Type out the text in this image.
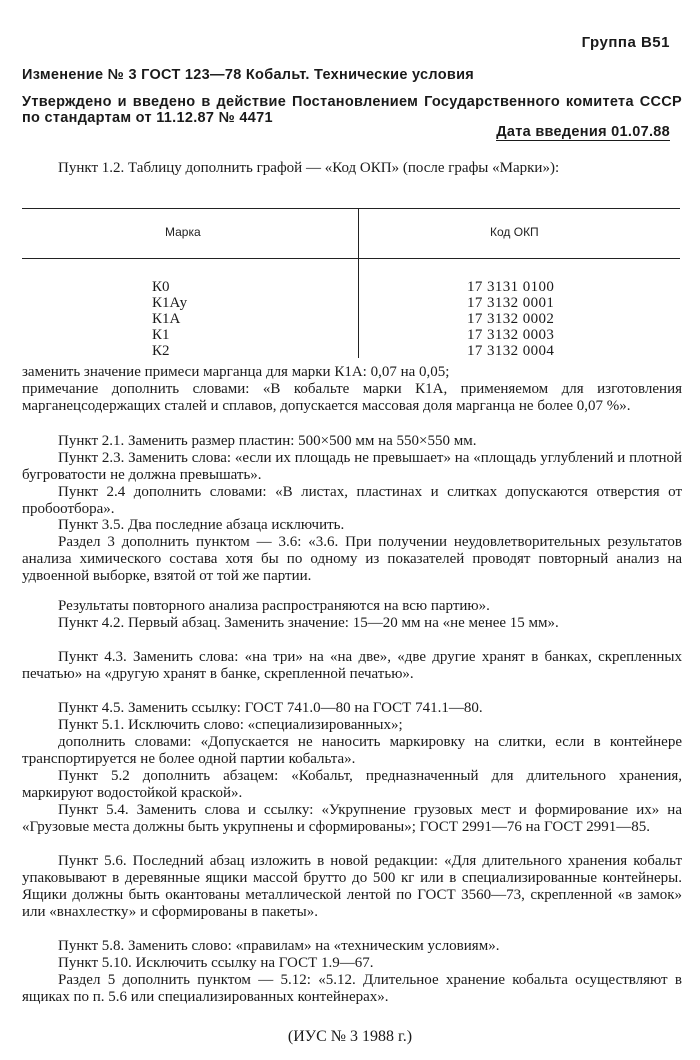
Группа В51
Изменение № 3 ГОСТ 123—78 Кобальт. Технические условия
Утверждено и введено в действие Постановлением Государственного комитета СССР по стандартам от 11.12.87 № 4471
Дата введения 01.07.88

Пункт 1.2. Таблицу дополнить графой — «Код ОКП» (после графы «Марки»):

Марка	Код ОКП
К0	17 3131 0100
К1Ау	17 3132 0001
К1А	17 3132 0002
К1	17 3132 0003
К2	17 3132 0004

заменить значение примеси марганца для марки К1А: 0,07 на 0,05;

примечание дополнить словами: «В кобальте марки К1А, применяемом для изготовления марганецсодержащих сталей и сплавов, допускается массовая доля марганца не более 0,07 %».

Пункт 2.1. Заменить размер пластин: 500×500 мм на 550×550 мм.

Пункт 2.3. Заменить слова: «если их площадь не превышает» на «площадь углублений и плотной бугроватости не должна превышать».

Пункт 2.4 дополнить словами: «В листах, пластинах и слитках допускаются отверстия от пробоотбора».

Пункт 3.5. Два последние абзаца исключить.

Раздел 3 дополнить пунктом — 3.6: «3.6. При получении неудовлетворительных результатов анализа химического состава хотя бы по одному из показателей проводят повторный анализ на удвоенной выборке, взятой от той же партии.

Результаты повторного анализа распространяются на всю партию».

Пункт 4.2. Первый абзац. Заменить значение: 15—20 мм на «не менее 15 мм».

Пункт 4.3. Заменить слова: «на три» на «на две», «две другие хранят в банках, скрепленных печатью» на «другую хранят в банке, скрепленной печатью».

Пункт 4.5. Заменить ссылку: ГОСТ 741.0—80 на ГОСТ 741.1—80.

Пункт 5.1. Исключить слово: «специализированных»;

дополнить словами: «Допускается не наносить маркировку на слитки, если в контейнере транспортируется не более одной партии кобальта».

Пункт 5.2 дополнить абзацем: «Кобальт, предназначенный для длительного хранения, маркируют водостойкой краской».

Пункт 5.4. Заменить слова и ссылку: «Укрупнение грузовых мест и формирование их» на «Грузовые места должны быть укрупнены и сформированы»; ГОСТ 2991—76 на ГОСТ 2991—85.

Пункт 5.6. Последний абзац изложить в новой редакции: «Для длительного хранения кобальт упаковывают в деревянные ящики массой брутто до 500 кг или в специализированные контейнеры. Ящики должны быть окантованы металлической лентой по ГОСТ 3560—73, скрепленной «в замок» или «внахлестку» и сформированы в пакеты».

Пункт 5.8. Заменить слово: «правилам» на «техническим условиям».

Пункт 5.10. Исключить ссылку на ГОСТ 1.9—67.

Раздел 5 дополнить пунктом — 5.12: «5.12. Длительное хранение кобальта осуществляют в ящиках по п. 5.6 или специализированных контейнерах».

(ИУС № 3 1988 г.)
